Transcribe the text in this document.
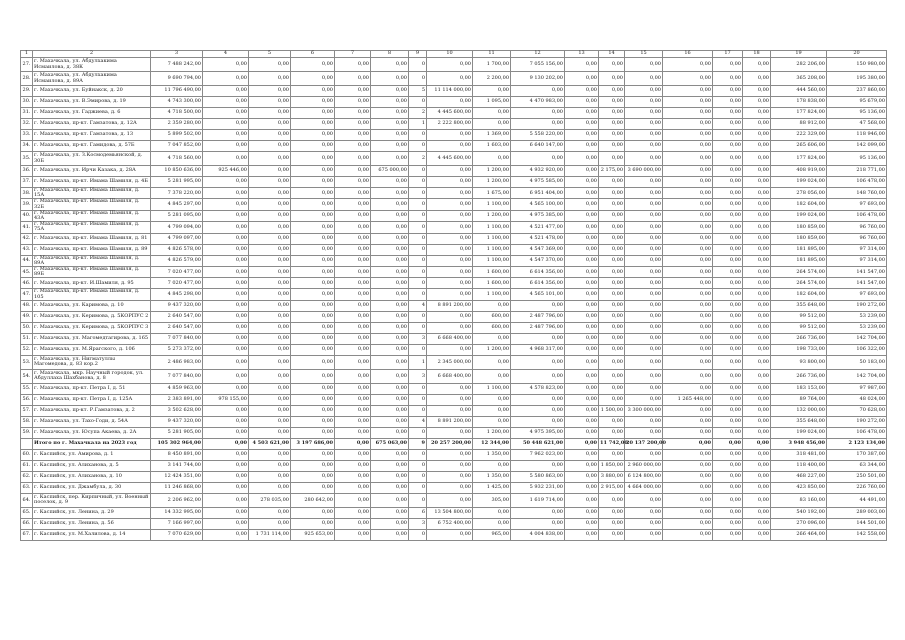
1	2	3	4	5	6	7	8	9	10	11	12	13	14	15	16	17	18	19	20
27.	г. Махачкала, ул. Абдулхакима Исмаилова, д. 38К	7 488 242,00	0,00	0,00	0,00	0,00	0,00	0	0,00	1 700,00	7 055 156,00	0,00	0,00	0,00	0,00	0,00	0,00	282 206,00	150 980,00
28.	г. Махачкала, ул. Абдулхакима Исмаилова, д. 89А	9 690 794,00	0,00	0,00	0,00	0,00	0,00	0	0,00	2 200,00	9 130 202,00	0,00	0,00	0,00	0,00	0,00	0,00	365 208,00	195 380,00
29.	г. Махачкала, ул. Буйнакск, д. 20	11 796 490,00	0,00	0,00	0,00	0,00	0,00	5	11 114 000,00	0,00	0,00	0,00	0,00	0,00	0,00	0,00	0,00	444 560,00	237 860,00
30.	г. Махачкала, ул. В.Эмирова, д. 19	4 743 300,00	0,00	0,00	0,00	0,00	0,00	0	0,00	1 095,00	4 470 983,00	0,00	0,00	0,00	0,00	0,00	0,00	178 838,00	95 679,00
31.	г. Махачкала, ул. Гаджиева, д. 6	4 718 500,00	0,00	0,00	0,00	0,00	0,00	2	4 445 600,00	0,00	0,00	0,00	0,00	0,00	0,00	0,00	0,00	177 824,00	95 136,00
32.	г. Махачкала, пр-кт. Гамзатова, д. 12А	2 359 280,00	0,00	0,00	0,00	0,00	0,00	1	2 222 800,00	0,00	0,00	0,00	0,00	0,00	0,00	0,00	0,00	88 912,00	47 568,00
33.	г. Махачкала, пр-кт. Гамзатова, д. 13	5 899 502,00	0,00	0,00	0,00	0,00	0,00	0	0,00	1 369,00	5 558 220,00	0,00	0,00	0,00	0,00	0,00	0,00	222 329,00	118 946,00
34.	г. Махачкала, пр-кт. Гамидова, д. 57Б	7 047 852,00	0,00	0,00	0,00	0,00	0,00	0	0,00	1 603,00	6 640 147,00	0,00	0,00	0,00	0,00	0,00	0,00	265 606,00	142 099,00
35.	г. Махачкала, ул. З.Космодемьянской, д. 30Б	4 718 560,00	0,00	0,00	0,00	0,00	0,00	2	4 445 600,00	0,00	0,00	0,00	0,00	0,00	0,00	0,00	0,00	177 824,00	95 136,00
36.	г. Махачкала, ул. Ирчи Казака, д. 28А	10 850 636,00	925 446,00	0,00	0,00	0,00	675 000,00	0	0,00	1 200,00	4 932 920,00	0,00	2 175,00	3 690 000,00	0,00	0,00	0,00	408 919,00	218 771,00
37.	г. Махачкала, пр-кт. Имама Шамиля, д. 4Б	5 281 995,00	0,00	0,00	0,00	0,00	0,00	0	0,00	1 200,00	4 975 585,00	0,00	0,00	0,00	0,00	0,00	0,00	199 024,00	106 478,00
38.	г. Махачкала, пр-кт. Имама Шамиля, д. 15А	7 378 220,00	0,00	0,00	0,00	0,00	0,00	0	0,00	1 675,00	6 951 404,00	0,00	0,00	0,00	0,00	0,00	0,00	278 056,00	148 760,00
39.	г. Махачкала, пр-кт. Имама Шамиля, д. 32Б	4 845 297,00	0,00	0,00	0,00	0,00	0,00	0	0,00	1 100,00	4 565 100,00	0,00	0,00	0,00	0,00	0,00	0,00	182 604,00	97 693,00
40.	г. Махачкала, пр-кт. Имама Шамиля, д. 43А	5 281 095,00	0,00	0,00	0,00	0,00	0,00	0	0,00	1 200,00	4 975 385,00	0,00	0,00	0,00	0,00	0,00	0,00	199 024,00	106 478,00
41.	г. Махачкала, пр-кт. Имама Шамиля, д. 75А	4 799 094,00	0,00	0,00	0,00	0,00	0,00	0	0,00	1 100,00	4 521 477,00	0,00	0,00	0,00	0,00	0,00	0,00	180 859,00	96 760,00
42.	г. Махачкала, пр-кт. Имама Шамиля, д. 81	4 799 097,00	0,00	0,00	0,00	0,00	0,00	0	0,00	1 100,00	4 521 478,00	0,00	0,00	0,00	0,00	0,00	0,00	180 859,00	96 760,00
43.	г. Махачкала, пр-кт. Имама Шамиля, д. 89	4 826 578,00	0,00	0,00	0,00	0,00	0,00	0	0,00	1 100,00	4 547 369,00	0,00	0,00	0,00	0,00	0,00	0,00	181 895,00	97 314,00
44.	г. Махачкала, пр-кт. Имама Шамиля, д. 89А	4 826 579,00	0,00	0,00	0,00	0,00	0,00	0	0,00	1 100,00	4 547 370,00	0,00	0,00	0,00	0,00	0,00	0,00	181 895,00	97 314,00
45.	г. Махачкала, пр-кт. Имама Шамиля, д. 89Б	7 020 477,00	0,00	0,00	0,00	0,00	0,00	0	0,00	1 600,00	6 614 356,00	0,00	0,00	0,00	0,00	0,00	0,00	264 574,00	141 547,00
46.	г. Махачкала, пр-кт. И.Шамиля, д. 95	7 020 477,00	0,00	0,00	0,00	0,00	0,00	0	0,00	1 600,00	6 614 356,00	0,00	0,00	0,00	0,00	0,00	0,00	264 574,00	141 547,00
47.	г. Махачкала, пр-кт. Имама Шамиля, д. 105	4 845 298,00	0,00	0,00	0,00	0,00	0,00	0	0,00	1 100,00	4 565 101,00	0,00	0,00	0,00	0,00	0,00	0,00	182 604,00	97 693,00
48.	г. Махачкала, ул. Каримова, д. 10	9 437 320,00	0,00	0,00	0,00	0,00	0,00	4	8 891 200,00	0,00	0,00	0,00	0,00	0,00	0,00	0,00	0,00	355 648,00	190 272,00
49.	г. Махачкала, ул. Керимова, д. 5КОРПУС 2	2 640 547,00	0,00	0,00	0,00	0,00	0,00	0	0,00	600,00	2 487 796,00	0,00	0,00	0,00	0,00	0,00	0,00	99 512,00	53 239,00
50.	г. Махачкала, ул. Керимова, д. 5КОРПУС 3	2 640 547,00	0,00	0,00	0,00	0,00	0,00	0	0,00	600,00	2 487 796,00	0,00	0,00	0,00	0,00	0,00	0,00	99 512,00	53 239,00
51.	г. Махачкала, ул. Магомедтагирова, д. 165	7 077 840,00	0,00	0,00	0,00	0,00	0,00	3	6 668 400,00	0,00	0,00	0,00	0,00	0,00	0,00	0,00	0,00	266 736,00	142 704,00
52.	г. Махачкала, ул. М.Ярагского, д. 106	5 273 372,00	0,00	0,00	0,00	0,00	0,00	0	0,00	1 200,00	4 968 317,00	0,00	0,00	0,00	0,00	0,00	0,00	198 733,00	106 322,00
53.	г. Махачкала, ул. Нигматуллы Магомедова, д. 83 кор.2	2 486 983,00	0,00	0,00	0,00	0,00	0,00	1	2 345 000,00	0,00	0,00	0,00	0,00	0,00	0,00	0,00	0,00	93 800,00	50 183,00
54.	г. Махачкала, мкр. Научный городок, ул. Абдуллаха Шахбанова, д. 8	7 077 840,00	0,00	0,00	0,00	0,00	0,00	3	6 668 400,00	0,00	0,00	0,00	0,00	0,00	0,00	0,00	0,00	266 736,00	142 704,00
55.	г. Махачкала, пр-кт. Петра I, д. 51	4 859 963,00	0,00	0,00	0,00	0,00	0,00	0	0,00	1 100,00	4 578 823,00	0,00	0,00	0,00	0,00	0,00	0,00	183 153,00	97 987,00
56.	г. Махачкала, пр-кт. Петра I, д. 125А	2 383 891,00	978 155,00	0,00	0,00	0,00	0,00	0	0,00	0,00	0,00	0,00	0,00	0,00	1 265 448,00	0,00	0,00	89 764,00	48 024,00
57.	г. Махачкала, пр-кт. Р.Гамзатова, д. 2	3 502 628,00	0,00	0,00	0,00	0,00	0,00	0	0,00	0,00	0,00	0,00	1 500,00	3 300 000,00	0,00	0,00	0,00	132 000,00	70 628,00
58.	г. Махачкала, ул. Тахо-Годи, д. 54А	9 437 320,00	0,00	0,00	0,00	0,00	0,00	4	8 891 200,00	0,00	0,00	0,00	0,00	0,00	0,00	0,00	0,00	355 648,00	190 272,00
59.	г. Махачкала, ул. Юсупа Акаева, д. 2А	5 281 905,00	0,00	0,00	0,00	0,00	0,00	0	0,00	1 200,00	4 975 395,00	0,00	0,00	0,00	0,00	0,00	0,00	199 024,00	106 478,00
	Итого по г. Махачкала на 2023 год	105 302 964,00	0,00	4 503 621,00	3 197 686,00	0,00	675 063,00	9	20 257 200,00	12 344,00	50 448 621,00	0,00	11 742,00	20 137 200,00	0,00	0,00	0,00	3 948 456,00	2 123 134,00
60.	г. Каспийск, ул. Амирова, д. 1	8 450 891,00	0,00	0,00	0,00	0,00	0,00	0	0,00	1 350,00	7 962 023,00	0,00	0,00	0,00	0,00	0,00	0,00	318 481,00	170 387,00
61.	г. Каспийск, ул. Алиханова, д. 5	3 141 744,00	0,00	0,00	0,00	0,00	0,00	0	0,00	0,00	0,00	0,00	1 850,00	2 960 000,00	0,00	0,00	0,00	118 400,00	63 344,00
62.	г. Каспийск, ул. Алиханова, д. 10	12 424 351,00	0,00	0,00	0,00	0,00	0,00	0	0,00	1 350,00	5 580 863,00	0,00	3 880,00	6 124 800,00	0,00	0,00	0,00	468 227,00	250 501,00
63.	г. Каспийск, ул. Джамбула, д. 30	11 246 868,00	0,00	0,00	0,00	0,00	0,00	0	0,00	1 425,00	5 932 231,00	0,00	2 915,00	4 664 000,00	0,00	0,00	0,00	423 850,00	226 760,00
64.	г. Каспийск, пер. Кирпичный, ул. Военный поселок, д. 9	2 206 962,00	0,00	278 035,00	280 642,00	0,00	0,00	0	0,00	305,00	1 619 714,00	0,00	0,00	0,00	0,00	0,00	0,00	83 160,00	44 491,00
65.	г. Каспийск, ул. Ленина, д. 29	14 332 995,00	0,00	0,00	0,00	0,00	0,00	6	13 504 800,00	0,00	0,00	0,00	0,00	0,00	0,00	0,00	0,00	540 192,00	289 003,00
66.	г. Каспийск, ул. Ленина, д. 56	7 166 997,00	0,00	0,00	0,00	0,00	0,00	3	6 752 400,00	0,00	0,00	0,00	0,00	0,00	0,00	0,00	0,00	270 096,00	144 501,00
67.	г. Каспийск, ул. М.Халилова, д. 14	7 070 629,00	0,00	1 731 114,00	925 653,00	0,00	0,00	0	0,00	965,00	4 004 838,00	0,00	0,00	0,00	0,00	0,00	0,00	266 464,00	142 558,00
